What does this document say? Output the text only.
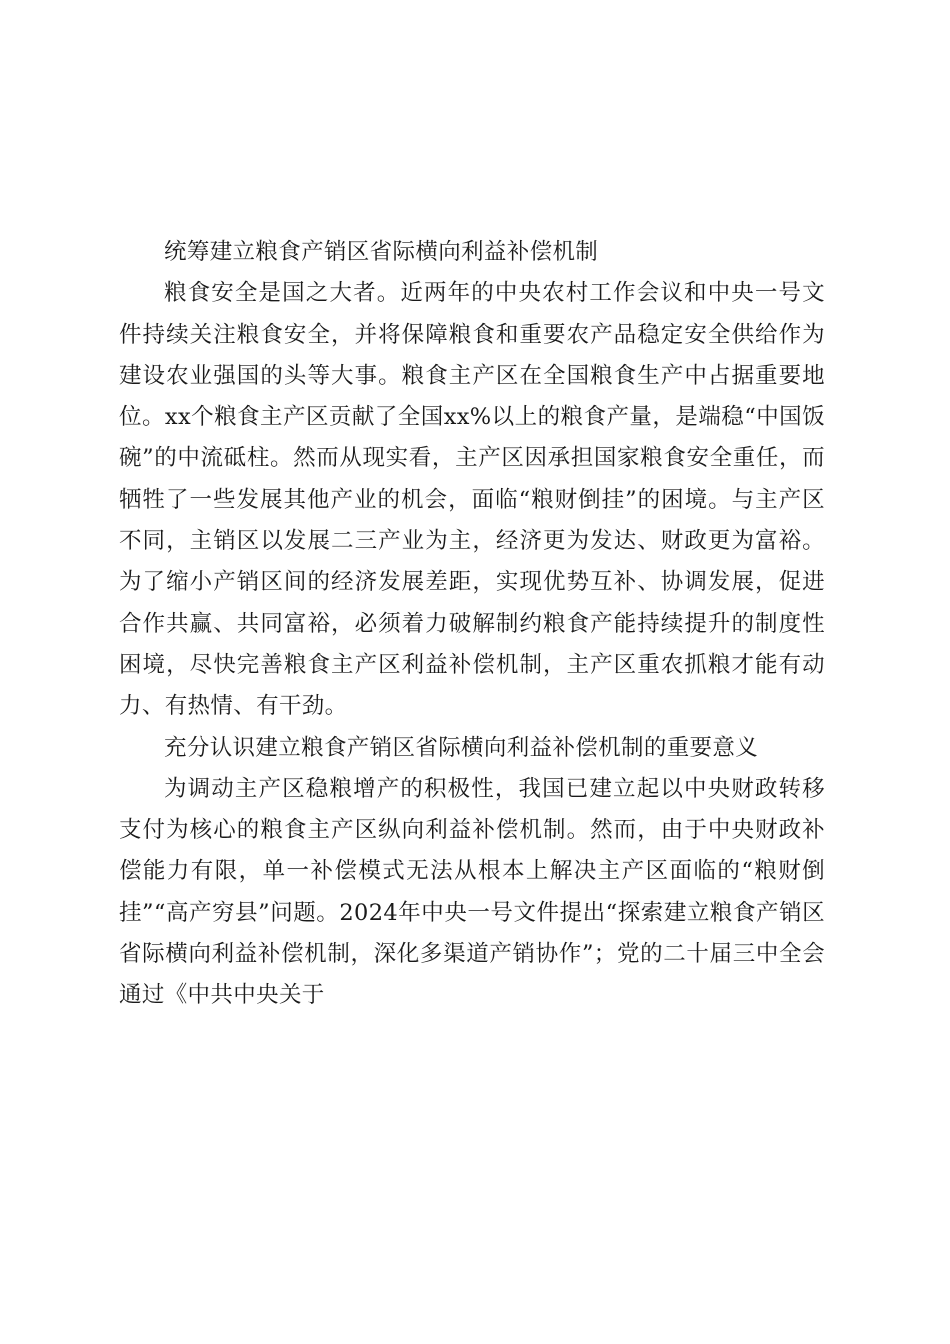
统筹建立粮食产销区省际横向利益补偿机制

粮食安全是国之大者。近两年的中央农村工作会议和中央一号文件持续关注粮食安全，并将保障粮食和重要农产品稳定安全供给作为建设农业强国的头等大事。粮食主产区在全国粮食生产中占据重要地位。xx个粮食主产区贡献了全国xx%以上的粮食产量，是端稳“中国饭碗”的中流砥柱。然而从现实看，主产区因承担国家粮食安全重任，而牺牲了一些发展其他产业的机会，面临“粮财倒挂”的困境。与主产区不同，主销区以发展二三产业为主，经济更为发达、财政更为富裕。为了缩小产销区间的经济发展差距，实现优势互补、协调发展，促进合作共赢、共同富裕，必须着力破解制约粮食产能持续提升的制度性困境，尽快完善粮食主产区利益补偿机制，主产区重农抓粮才能有动力、有热情、有干劲。

充分认识建立粮食产销区省际横向利益补偿机制的重要意义

为调动主产区稳粮增产的积极性，我国已建立起以中央财政转移支付为核心的粮食主产区纵向利益补偿机制。然而，由于中央财政补偿能力有限，单一补偿模式无法从根本上解决主产区面临的“粮财倒挂”“高产穷县”问题。2024年中央一号文件提出“探索建立粮食产销区省际横向利益补偿机制，深化多渠道产销协作”；党的二十届三中全会通过《中共中央关于
